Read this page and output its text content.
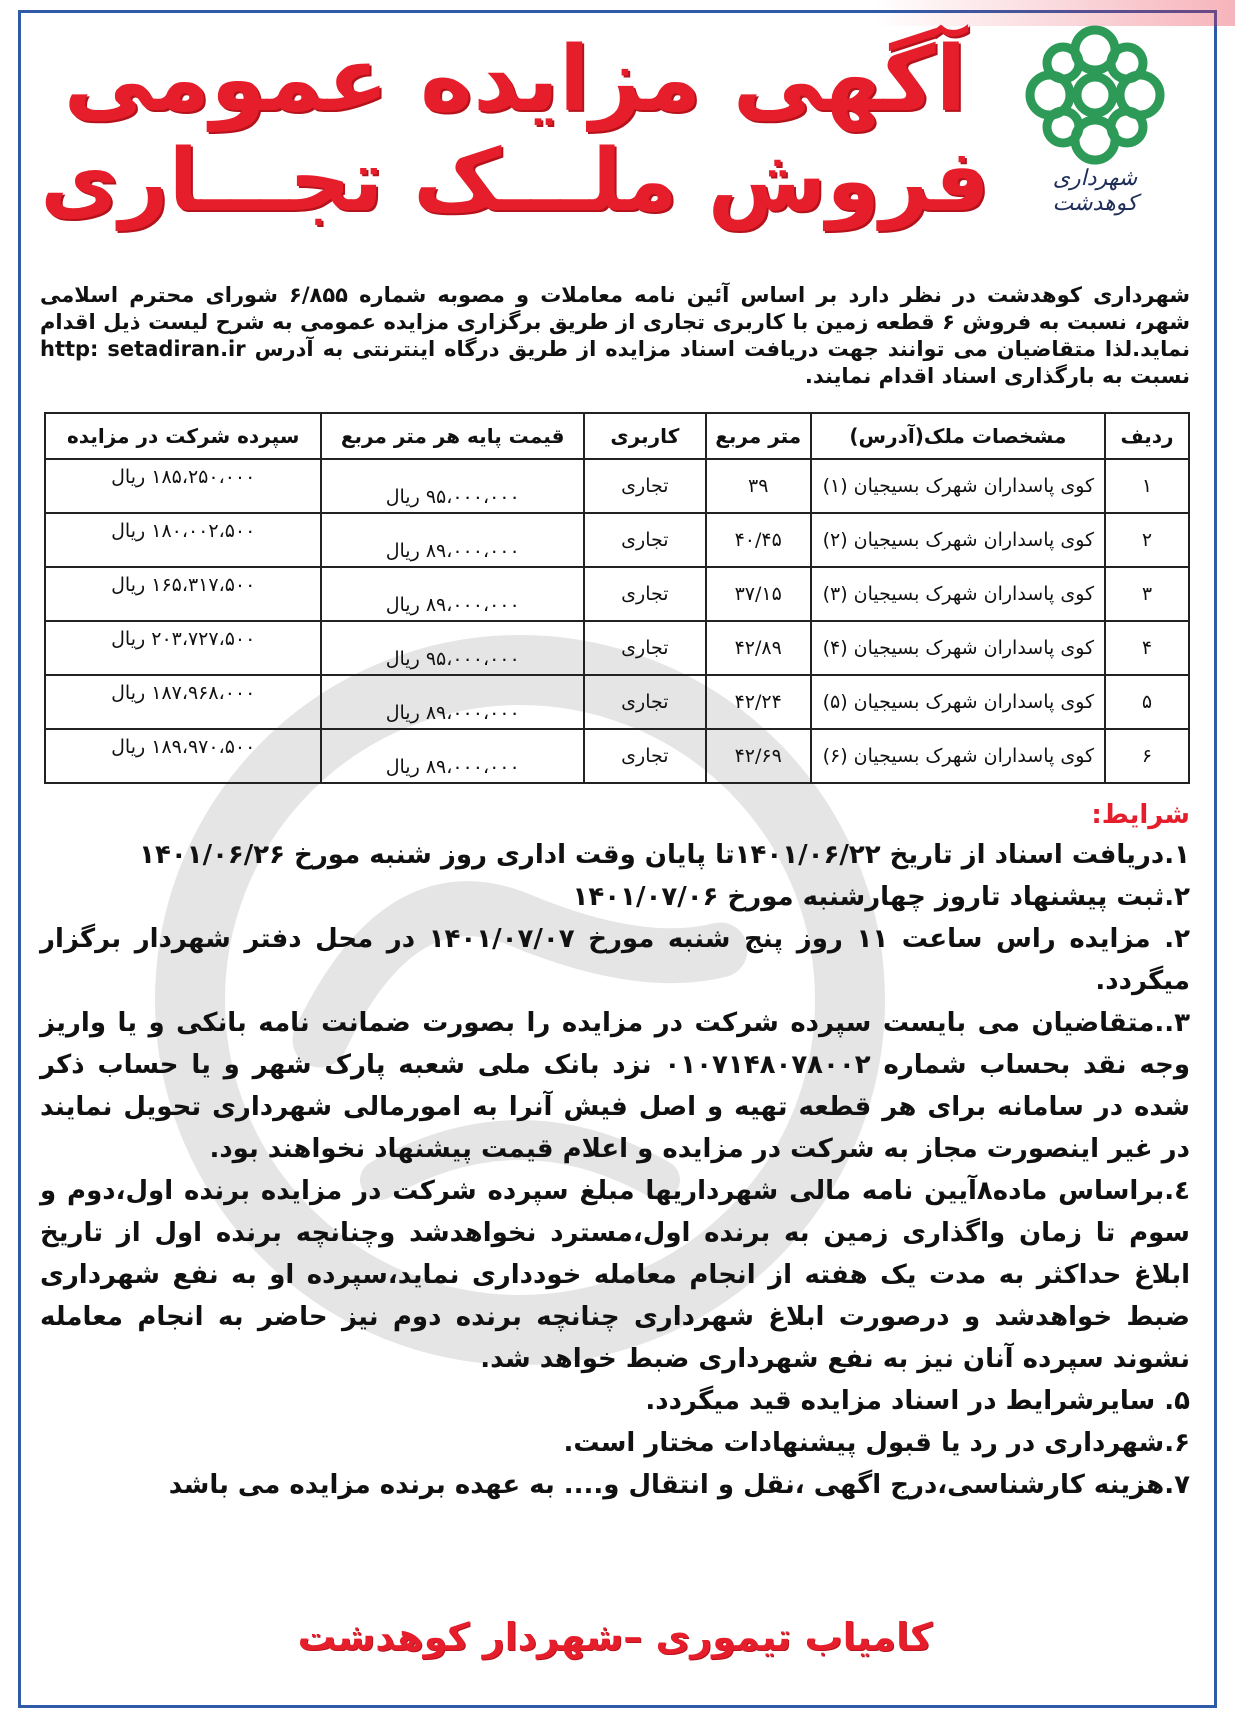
شهرداری کوهدشت
آگهی مزایده عمومی
فروش ملـــک تجـــاری
شهرداری کوهدشت در نظر دارد بر اساس آئین نامه معاملات و مصوبه شماره ۶/۸۵۵ شورای محترم اسلامی شهر، نسبت به فروش ۶ قطعه زمین با کاربری تجاری از طریق برگزاری مزایده عمومی به شرح لیست ذیل اقدام نماید.لذا متقاضیان می توانند جهت دریافت اسناد مزایده از طریق درگاه اینترنتی به آدرس http: setadiran.ir نسبت به بارگذاری اسناد اقدام نمایند.
ردیف	مشخصات ملک(آدرس)	متر مربع	کاربری	قیمت پایه هر متر مربع	سپرده شرکت در مزایده
۱	کوی پاسداران شهرک بسیجیان (۱)	۳۹	تجاری	۹۵،۰۰۰،۰۰۰ ریال	۱۸۵،۲۵۰،۰۰۰ ریال
۲	کوی پاسداران شهرک بسیجیان (۲)	۴۰/۴۵	تجاری	۸۹،۰۰۰،۰۰۰ ریال	۱۸۰،۰۰۲،۵۰۰ ریال
۳	کوی پاسداران شهرک بسیجیان (۳)	۳۷/۱۵	تجاری	۸۹،۰۰۰،۰۰۰ ریال	۱۶۵،۳۱۷،۵۰۰ ریال
۴	کوی پاسداران شهرک بسیجیان (۴)	۴۲/۸۹	تجاری	۹۵،۰۰۰،۰۰۰ ریال	۲۰۳،۷۲۷،۵۰۰ ریال
۵	کوی پاسداران شهرک بسیجیان (۵)	۴۲/۲۴	تجاری	۸۹،۰۰۰،۰۰۰ ریال	۱۸۷،۹۶۸،۰۰۰ ریال
۶	کوی پاسداران شهرک بسیجیان (۶)	۴۲/۶۹	تجاری	۸۹،۰۰۰،۰۰۰ ریال	۱۸۹،۹۷۰،۵۰۰ ریال
شرایط:

۱.دریافت اسناد از تاریخ ۱۴۰۱/۰۶/۲۲تا پایان وقت اداری روز شنبه مورخ ۱۴۰۱/۰۶/۲۶

۲.ثبت پیشنهاد تاروز چهارشنبه مورخ ۱۴۰۱/۰۷/۰۶

۲. مزایده راس ساعت ۱۱ روز پنج شنبه مورخ ۱۴۰۱/۰۷/۰۷ در محل دفتر شهردار برگزار میگردد.

۳..متقاضیان می بایست سپرده شرکت در مزایده را بصورت ضمانت نامه بانکی و یا واریز وجه نقد بحساب شماره ۰۱۰۷۱۴۸۰۷۸۰۰۲ نزد بانک ملی شعبه پارک شهر و یا حساب ذکر شده در سامانه برای هر قطعه تهیه و اصل فیش آنرا به امورمالی شهرداری تحویل نمایند در غیر اینصورت مجاز به شرکت در مزایده و اعلام قیمت پیشنهاد نخواهند بود.

٤.براساس ماده۸آیین نامه مالی شهرداریها مبلغ سپرده شرکت در مزایده برنده اول،دوم و سوم تا زمان واگذاری زمین به برنده اول،مسترد نخواهدشد وچنانچه برنده اول از تاریخ ابلاغ حداکثر به مدت یک هفته از انجام معامله خودداری نماید،سپرده او به نفع شهرداری ضبط خواهدشد و درصورت ابلاغ شهرداری چنانچه برنده دوم نیز حاضر به انجام معامله نشوند سپرده آنان نیز به نفع شهرداری ضبط خواهد شد.

۵. سایرشرایط در اسناد مزایده قید میگردد.

۶.شهرداری در رد یا قبول پیشنهادات مختار است.

۷.هزینه کارشناسی،درج اگهی ،نقل و انتقال و.... به عهده برنده مزایده می باشد

کامیاب تیموری –شهردار کوهدشت
